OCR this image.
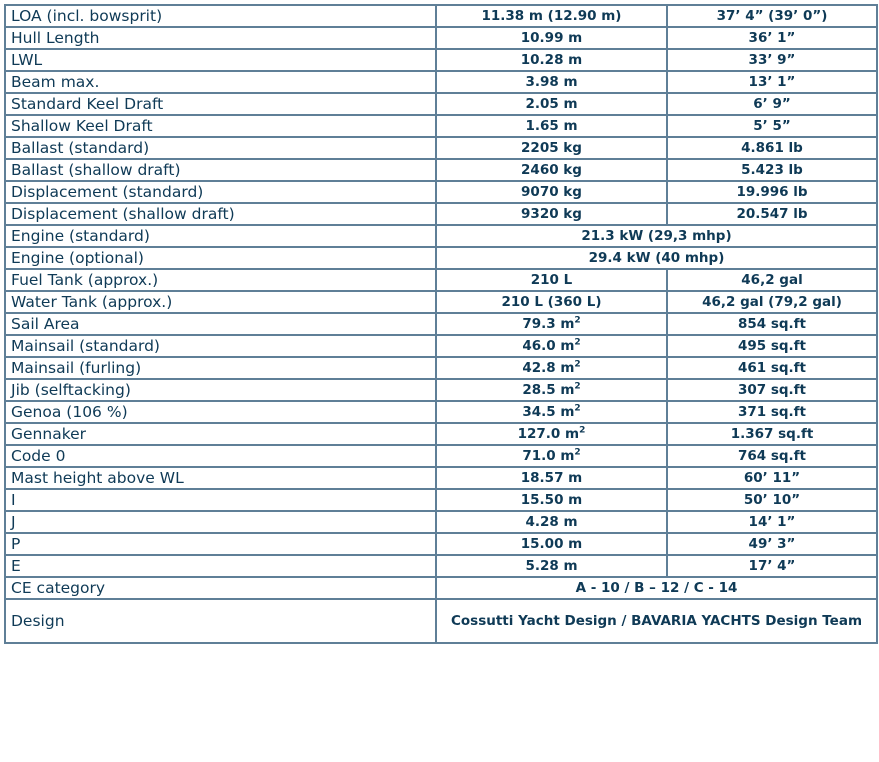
LOA (incl. bowsprit)	11.38 m (12.90 m)	37’ 4” (39’ 0”)
Hull Length	10.99 m	36’ 1”
LWL	10.28 m	33’ 9”
Beam max.	3.98 m	13’ 1”
Standard Keel Draft	2.05 m	6’ 9”
Shallow Keel Draft	1.65 m	5’ 5”
Ballast (standard)	2205 kg	4.861 lb
Ballast (shallow draft)	2460 kg	5.423 lb
Displacement (standard)	9070 kg	19.996 lb
Displacement (shallow draft)	9320 kg	20.547 lb
Engine (standard)	21.3 kW (29,3 mhp)	
Engine (optional)	29.4 kW (40 mhp)	
Fuel Tank (approx.)	210 L	46,2 gal
Water Tank (approx.)	210 L (360 L)	46,2 gal (79,2 gal)
Sail Area	79.3 $m^2$	854 sq.ft
Mainsail (standard)	46.0 $m^2$	495 sq.ft
Mainsail (furling)	42.8 $m^2$	461 sq.ft
Jib (selftacking)	28.5 $m^2$	307 sq.ft
Genoa (106 %)	34.5 $m^2$	371 sq.ft
Gennaker	127.0 $m^2$	1.367 sq.ft
Code 0	71.0 $m^2$	764 sq.ft
Mast height above WL	18.57 m	60’ 11”
I	15.50 m	50’ 10”
J	4.28 m	14’ 1”
P	15.00 m	49’ 3”
E	5.28 m	17’ 4”
CE category	A - 10 / B – 12 / C - 14	
Design	Cossutti Yacht Design / BAVARIA YACHTS Design Team	
